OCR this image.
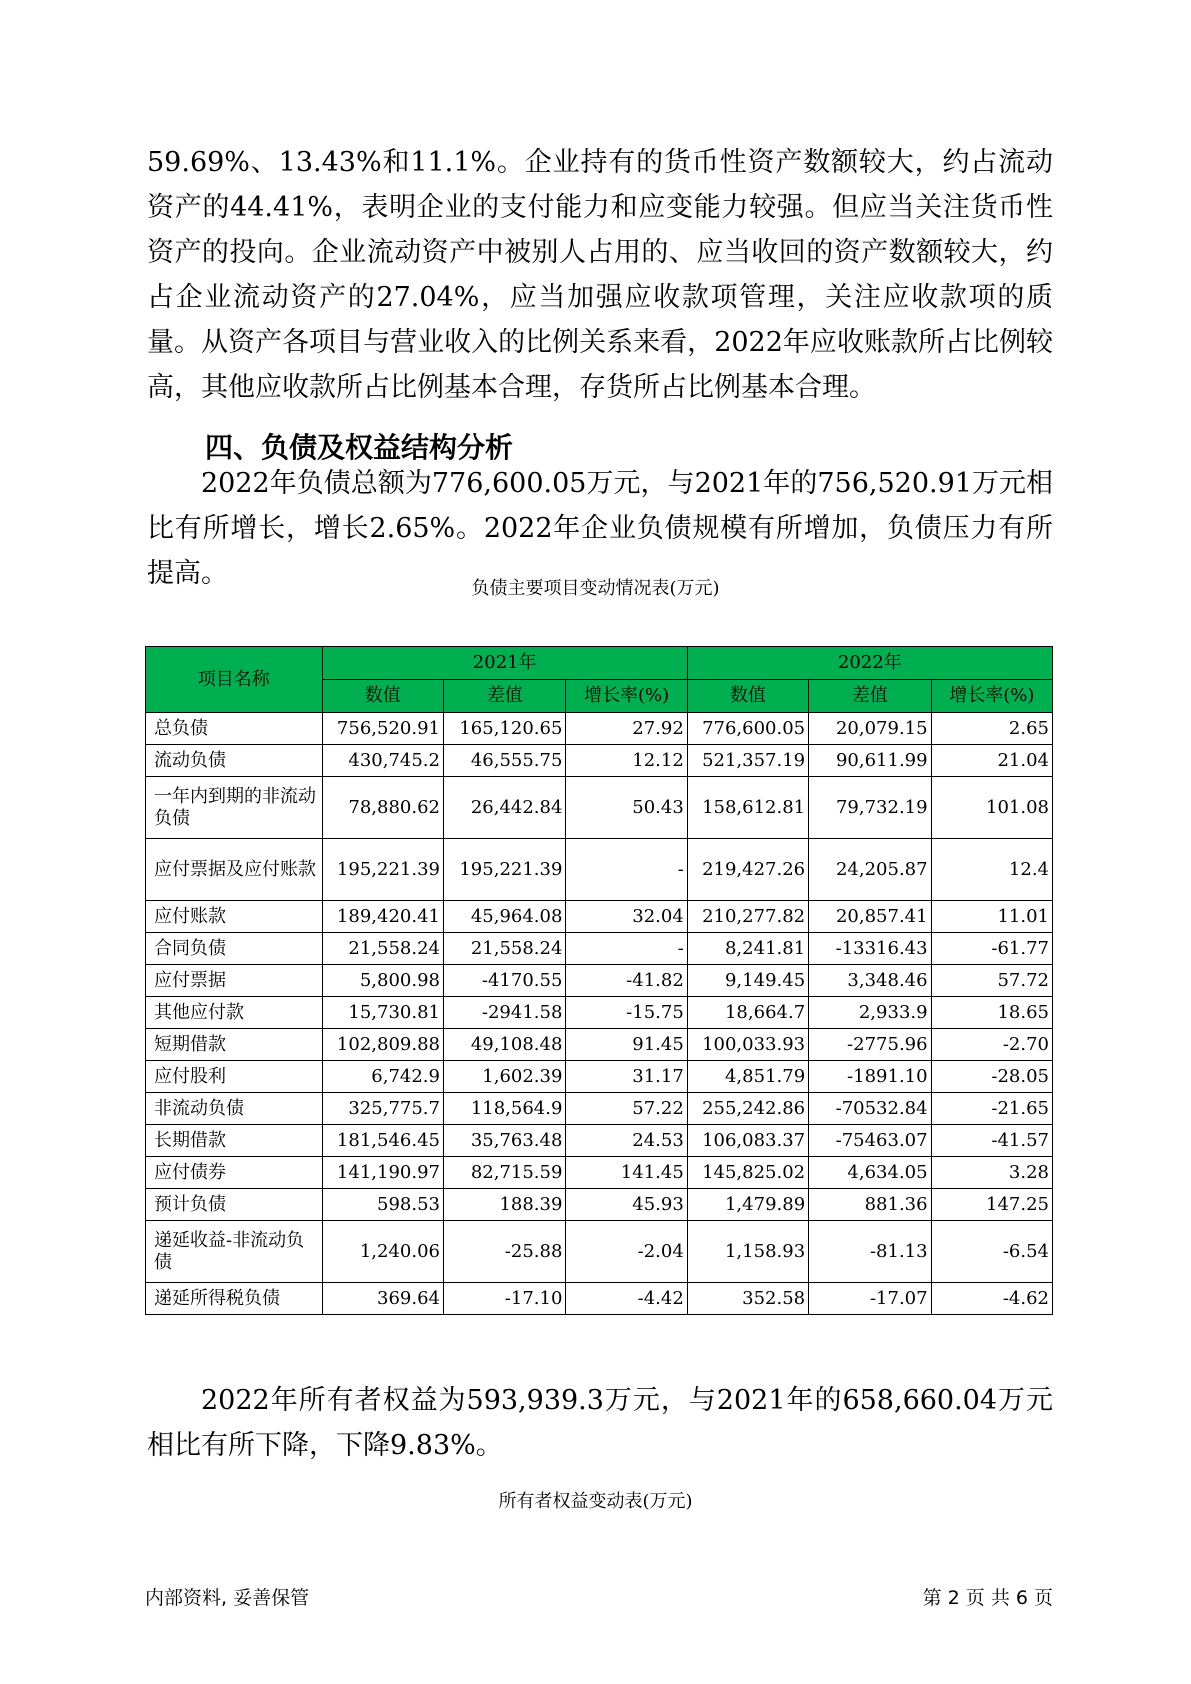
59.69%、13.43%和11.1%。企业持有的货币性资产数额较大，约占流动资产的44.41%，表明企业的支付能力和应变能力较强。但应当关注货币性资产的投向。企业流动资产中被别人占用的、应当收回的资产数额较大，约占企业流动资产的27.04%，应当加强应收款项管理，关注应收款项的质量。从资产各项目与营业收入的比例关系来看，2022年应收账款所占比例较高，其他应收款所占比例基本合理，存货所占比例基本合理。

四、负债及权益结构分析

2022年负债总额为776,600.05万元，与2021年的756,520.91万元相比有所增长，增长2.65%。2022年企业负债规模有所增加，负债压力有所提高。	负债主要项目变动情况表(万元)
项目名称	2021年			2022年		
	数值	差值	增长率(%)	数值	差值	增长率(%)
总负债	756,520.91	165,120.65	27.92	776,600.05	20,079.15	2.65
流动负债	430,745.2	46,555.75	12.12	521,357.19	90,611.99	21.04
一年内到期的非流动负债	78,880.62	26,442.84	50.43	158,612.81	79,732.19	101.08
应付票据及应付账款	195,221.39	195,221.39	-	219,427.26	24,205.87	12.4
应付账款	189,420.41	45,964.08	32.04	210,277.82	20,857.41	11.01
合同负债	21,558.24	21,558.24	-	8,241.81	-13316.43	-61.77
应付票据	5,800.98	-4170.55	-41.82	9,149.45	3,348.46	57.72
其他应付款	15,730.81	-2941.58	-15.75	18,664.7	2,933.9	18.65
短期借款	102,809.88	49,108.48	91.45	100,033.93	-2775.96	-2.70
应付股利	6,742.9	1,602.39	31.17	4,851.79	-1891.10	-28.05
非流动负债	325,775.7	118,564.9	57.22	255,242.86	-70532.84	-21.65
长期借款	181,546.45	35,763.48	24.53	106,083.37	-75463.07	-41.57
应付债券	141,190.97	82,715.59	141.45	145,825.02	4,634.05	3.28
预计负债	598.53	188.39	45.93	1,479.89	881.36	147.25
递延收益-非流动负债	1,240.06	-25.88	-2.04	1,158.93	-81.13	-6.54
递延所得税负债	369.64	-17.10	-4.42	352.58	-17.07	-4.62

2022年所有者权益为593,939.3万元，与2021年的658,660.04万元相比有所下降，下降9.83%。

所有者权益变动表(万元)
内部资料, 妥善保管	第 2 页 共 6 页
